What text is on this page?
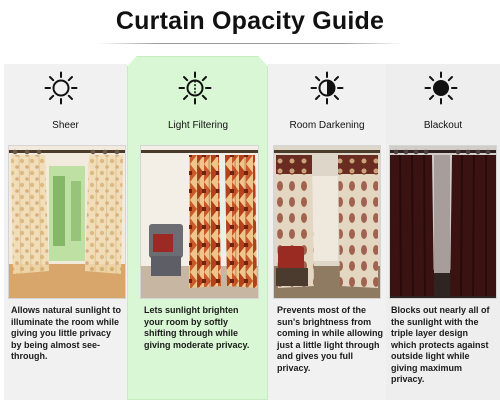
Curtain Opacity Guide
Sheer	Light Filtering	Room Darkening	Blackout
Allows natural sunlight to illuminate the room while giving you little privacy by being almost see-through.
Lets sunlight brighten your room by softly shifting through while giving moderate privacy.
Prevents most of the sun's brightness from coming in while allowing just a little light through and gives you full privacy.
Blocks out nearly all of the sunlight with the triple layer design which protects against outside light while giving maximum privacy.
